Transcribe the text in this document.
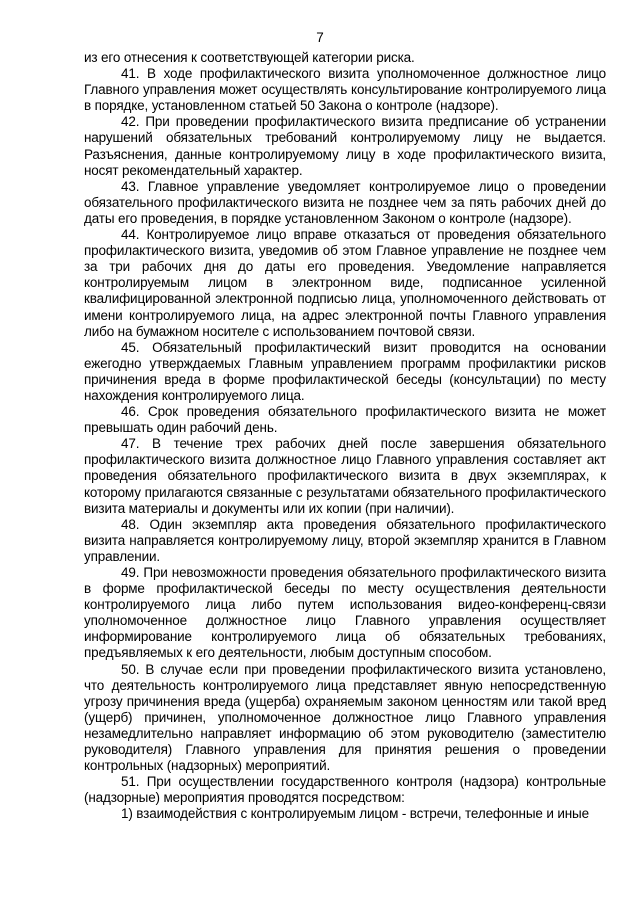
7

из его отнесения к соответствующей категории риска.

41. В ходе профилактического визита уполномоченное должностное лицо Главного управления может осуществлять консультирование контролируемого лица в порядке, установленном статьей 50 Закона о контроле (надзоре).

42. При проведении профилактического визита предписание об устранении нарушений обязательных требований контролируемому лицу не выдается. Разъяснения, данные контролируемому лицу в ходе профилактического визита, носят рекомендательный характер.

43. Главное управление уведомляет контролируемое лицо о проведении обязательного профилактического визита не позднее чем за пять рабочих дней до даты его проведения, в порядке установленном Законом о контроле (надзоре).

44. Контролируемое лицо вправе отказаться от проведения обязательного профилактического визита, уведомив об этом Главное управление не позднее чем за три рабочих дня до даты его проведения. Уведомление направляется контролируемым лицом в электронном виде, подписанное усиленной квалифицированной электронной подписью лица, уполномоченного действовать от имени контролируемого лица, на адрес электронной почты Главного управления либо на бумажном носителе с использованием почтовой связи.

45. Обязательный профилактический визит проводится на основании ежегодно утверждаемых Главным управлением программ профилактики рисков причинения вреда в форме профилактической беседы (консультации) по месту нахождения контролируемого лица.

46. Срок проведения обязательного профилактического визита не может превышать один рабочий день.

47. В течение трех рабочих дней после завершения обязательного профилактического визита должностное лицо Главного управления составляет акт проведения обязательного профилактического визита в двух экземплярах, к которому прилагаются связанные с результатами обязательного профилактического визита материалы и документы или их копии (при наличии).

48. Один экземпляр акта проведения обязательного профилактического визита направляется контролируемому лицу, второй экземпляр хранится в Главном управлении.

49. При невозможности проведения обязательного профилактического визита в форме профилактической беседы по месту осуществления деятельности контролируемого лица либо путем использования видео-конференц-связи уполномоченное должностное лицо Главного управления осуществляет информирование контролируемого лица об обязательных требованиях, предъявляемых к его деятельности, любым доступным способом.

50. В случае если при проведении профилактического визита установлено, что деятельность контролируемого лица представляет явную непосредственную угрозу причинения вреда (ущерба) охраняемым законом ценностям или такой вред (ущерб) причинен, уполномоченное должностное лицо Главного управления незамедлительно направляет информацию об этом руководителю (заместителю руководителя) Главного управления для принятия решения о проведении контрольных (надзорных) мероприятий.

51. При осуществлении государственного контроля (надзора) контрольные (надзорные) мероприятия проводятся посредством:

1) взаимодействия с контролируемым лицом - встречи, телефонные и иные
